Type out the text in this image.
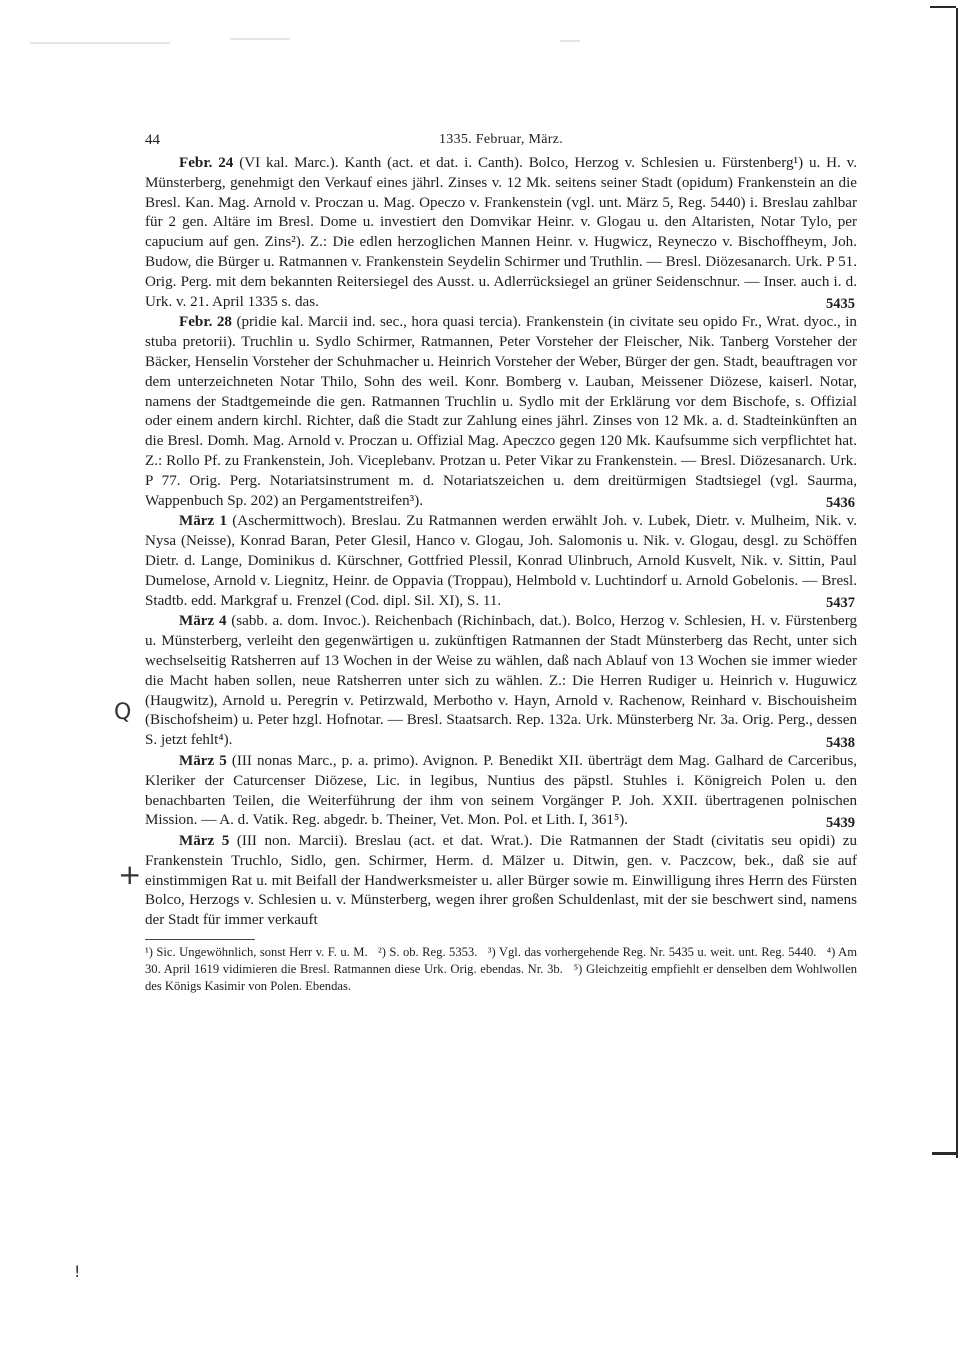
44	1335. Februar, März.

Febr. 24 (VI kal. Marc.). Kanth (act. et dat. i. Canth). Bolco, Herzog v. Schlesien u. Fürstenberg¹) u. H. v. Münsterberg, genehmigt den Verkauf eines jährl. Zinses v. 12 Mk. seitens seiner Stadt (opidum) Frankenstein an die Bresl. Kan. Mag. Arnold v. Proczan u. Mag. Opeczo v. Frankenstein (vgl. unt. März 5, Reg. 5440) i. Breslau zahlbar für 2 gen. Altäre im Bresl. Dome u. investiert den Domvikar Heinr. v. Glogau u. den Altaristen, Notar Tylo, per capucium auf gen. Zins²). Z.: Die edlen herzoglichen Mannen Heinr. v. Hugwicz, Reyneczo v. Bischoffheym, Joh. Budow, die Bürger u. Ratmannen v. Frankenstein Seydelin Schirmer und Truthlin. — Bresl. Diözesanarch. Urk. P 51. Orig. Perg. mit dem bekannten Reitersiegel des Ausst. u. Adlerrücksiegel an grüner Seidenschnur. — Inser. auch i. d. Urk. v. 21. April 1335 s. das.	5435

Febr. 28 (pridie kal. Marcii ind. sec., hora quasi tercia). Frankenstein (in civitate seu opido Fr., Wrat. dyoc., in stuba pretorii). Truchlin u. Sydlo Schirmer, Ratmannen, Peter Vorsteher der Fleischer, Nik. Tanberg Vorsteher der Bäcker, Henselin Vorsteher der Schuhmacher u. Heinrich Vorsteher der Weber, Bürger der gen. Stadt, beauftragen vor dem unterzeichneten Notar Thilo, Sohn des weil. Konr. Bomberg v. Lauban, Meissener Diözese, kaiserl. Notar, namens der Stadtgemeinde die gen. Ratmannen Truchlin u. Sydlo mit der Erklärung vor dem Bischofe, s. Offizial oder einem andern kirchl. Richter, daß die Stadt zur Zahlung eines jährl. Zinses von 12 Mk. a. d. Stadteinkünften an die Bresl. Domh. Mag. Arnold v. Proczan u. Offizial Mag. Apeczco gegen 120 Mk. Kaufsumme sich verpflichtet hat. Z.: Rollo Pf. zu Frankenstein, Joh. Viceplebanv. Protzan u. Peter Vikar zu Frankenstein. — Bresl. Diözesanarch. Urk. P 77. Orig. Perg. Notariatsinstrument m. d. Notariatszeichen u. dem dreitürmigen Stadtsiegel (vgl. Saurma, Wappenbuch Sp. 202) an Pergamentstreifen³).	5436

März 1 (Aschermittwoch). Breslau. Zu Ratmannen werden erwählt Joh. v. Lubek, Dietr. v. Mulheim, Nik. v. Nysa (Neisse), Konrad Baran, Peter Glesil, Hanco v. Glogau, Joh. Salomonis u. Nik. v. Glogau, desgl. zu Schöffen Dietr. d. Lange, Dominikus d. Kürschner, Gottfried Plessil, Konrad Ulinbruch, Arnold Kusvelt, Nik. v. Sittin, Paul Dumelose, Arnold v. Liegnitz, Heinr. de Oppavia (Troppau), Helmbold v. Luchtindorf u. Arnold Gobelonis. — Bresl. Stadtb. edd. Markgraf u. Frenzel (Cod. dipl. Sil. XI), S. 11.	5437

März 4 (sabb. a. dom. Invoc.). Reichenbach (Richinbach, dat.). Bolco, Herzog v. Schlesien, H. v. Fürstenberg u. Münsterberg, verleiht den gegenwärtigen u. zukünftigen Ratmannen der Stadt Münsterberg das Recht, unter sich wechselseitig Ratsherren auf 13 Wochen in der Weise zu wählen, daß nach Ablauf von 13 Wochen sie immer wieder die Macht haben sollen, neue Ratsherren unter sich zu wählen. Z.: Die Herren Rudiger u. Heinrich v. Huguwicz (Haugwitz), Arnold u. Peregrin v. Petirzwald, Merbotho v. Hayn, Arnold v. Rachenow, Reinhard v. Bischouisheim (Bischofsheim) u. Peter hzgl. Hofnotar. — Bresl. Staatsarch. Rep. 132a. Urk. Münsterberg Nr. 3a. Orig. Perg., dessen S. jetzt fehlt⁴).	5438

März 5 (III nonas Marc., p. a. primo). Avignon. P. Benedikt XII. überträgt dem Mag. Galhard de Carceribus, Kleriker der Caturcenser Diözese, Lic. in legibus, Nuntius des päpstl. Stuhles i. Königreich Polen u. den benachbarten Teilen, die Weiterführung der ihm von seinem Vorgänger P. Joh. XXII. übertragenen polnischen Mission. — A. d. Vatik. Reg. abgedr. b. Theiner, Vet. Mon. Pol. et Lith. I, 361⁵).	5439

März 5 (III non. Marcii). Breslau (act. et dat. Wrat.). Die Ratmannen der Stadt (civitatis seu opidi) zu Frankenstein Truchlo, Sidlo, gen. Schirmer, Herm. d. Mälzer u. Ditwin, gen. v. Paczcow, bek., daß sie auf einstimmigen Rat u. mit Beifall der Handwerksmeister u. aller Bürger sowie m. Einwilligung ihres Herrn des Fürsten Bolco, Herzogs v. Schlesien u. v. Münsterberg, wegen ihrer großen Schuldenlast, mit der sie beschwert sind, namens der Stadt für immer verkauft

¹) Sic. Ungewöhnlich, sonst Herr v. F. u. M. ²) S. ob. Reg. 5353. ³) Vgl. das vorhergehende Reg. Nr. 5435 u. weit. unt. Reg. 5440. ⁴) Am 30. April 1619 vidimieren die Bresl. Ratmannen diese Urk. Orig. ebendas. Nr. 3b. ⁵) Gleichzeitig empfiehlt er denselben dem Wohlwollen des Königs Kasimir von Polen. Ebendas.

Q
+
!
